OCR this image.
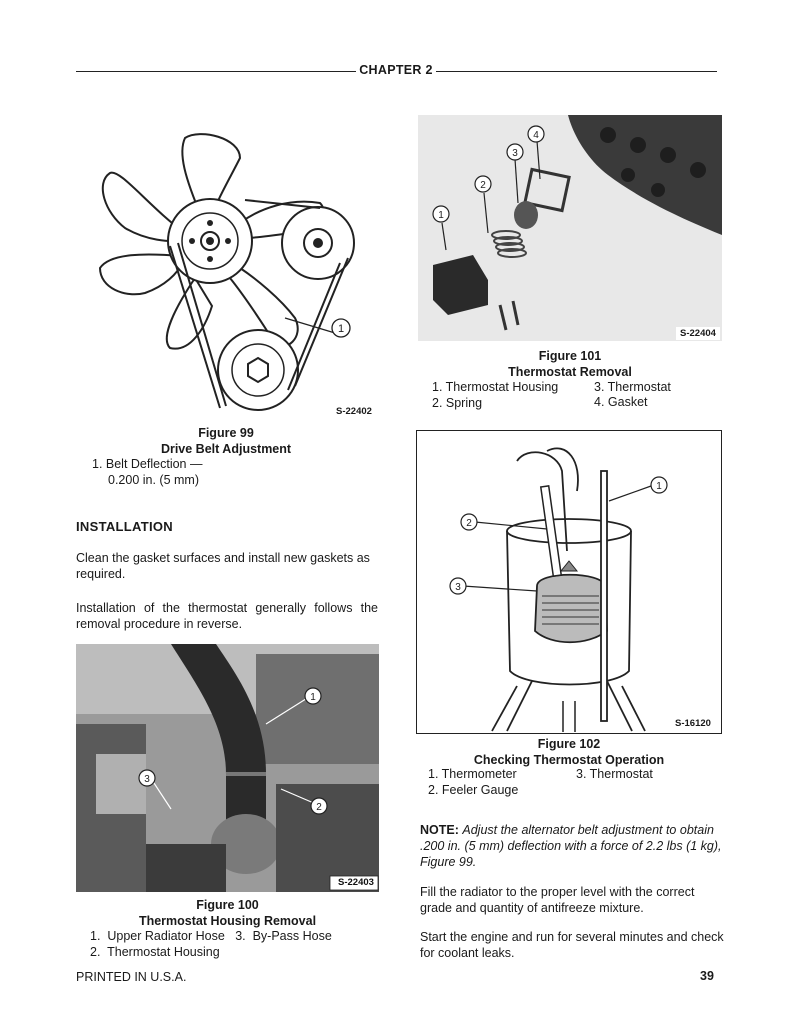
CHAPTER 2
1
S-22402
Figure 99
Drive Belt Adjustment
1. Belt Deflection —
0.200 in. (5 mm)
INSTALLATION
Clean the gasket surfaces and install new gaskets as required.
Installation of the thermostat generally follows the removal procedure in reverse.
1
2
3
S-22403
Figure 100
Thermostat Housing Removal
1.  Upper Radiator Hose   3.  By-Pass Hose
2.  Thermostat Housing
1
2
3
4
S-22404
Figure 101
Thermostat Removal
1. Thermostat Housing	3. Thermostat
2. Spring	4. Gasket
1
2
3
S-16120
Figure 102
Checking Thermostat Operation
1. Thermometer	3. Thermostat
2. Feeler Gauge
NOTE: Adjust the alternator belt adjustment to obtain
.200 in. (5 mm) deflection with a force of 2.2 lbs (1 kg),
Figure 99.
Fill the radiator to the proper level with the correct grade and quantity of antifreeze mixture.
Start the engine and run for several minutes and check for coolant leaks.
PRINTED IN U.S.A.	39
